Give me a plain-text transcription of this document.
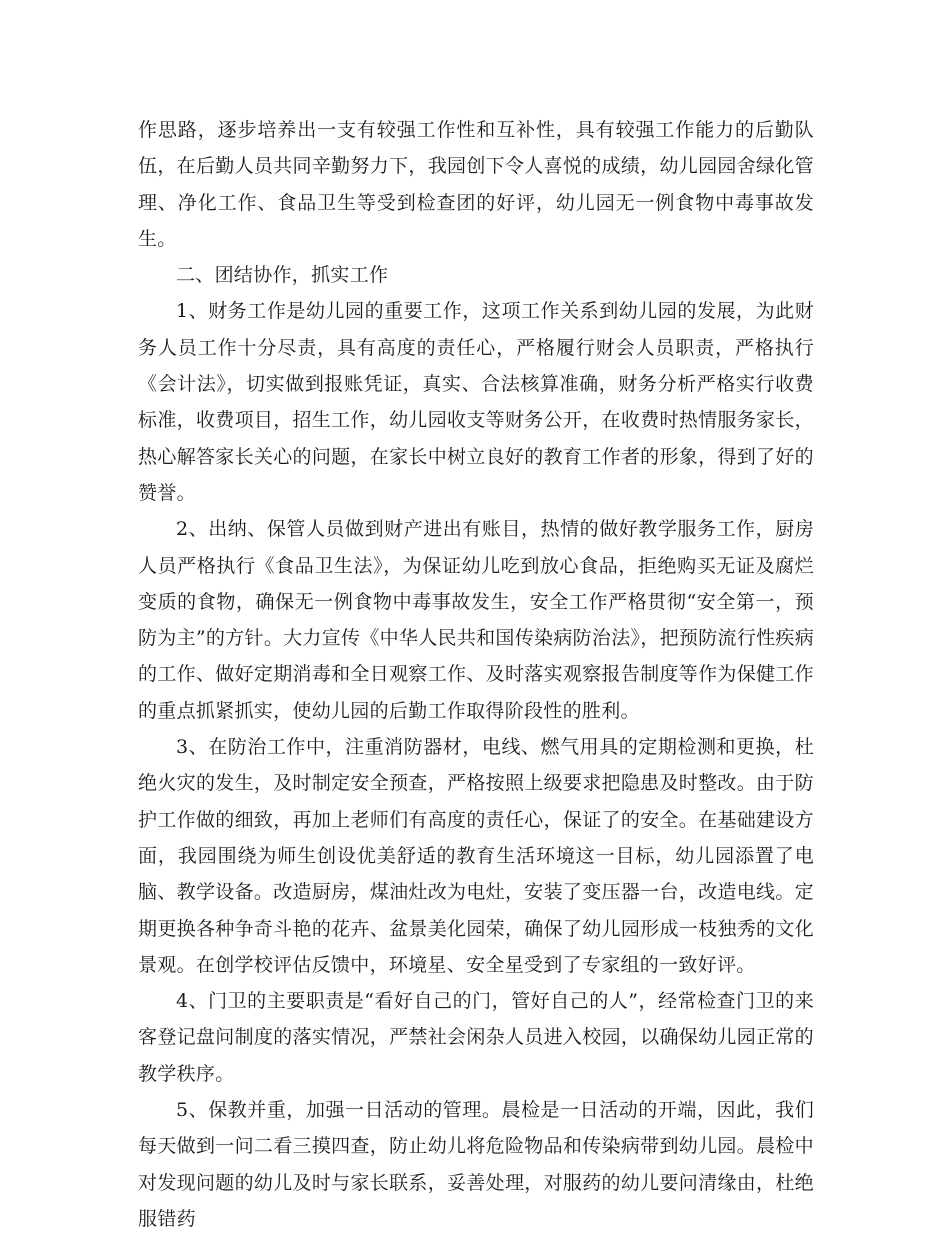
作思路，逐步培养出一支有较强工作性和互补性，具有较强工作能力的后勤队伍，在后勤人员共同辛勤努力下，我园创下令人喜悦的成绩，幼儿园园舍绿化管理、净化工作、食品卫生等受到检查团的好评，幼儿园无一例食物中毒事故发生。

二、团结协作，抓实工作

1、财务工作是幼儿园的重要工作，这项工作关系到幼儿园的发展，为此财务人员工作十分尽责，具有高度的责任心，严格履行财会人员职责，严格执行《会计法》，切实做到报账凭证，真实、合法核算准确，财务分析严格实行收费标准，收费项目，招生工作，幼儿园收支等财务公开，在收费时热情服务家长，热心解答家长关心的问题，在家长中树立良好的教育工作者的形象，得到了好的赞誉。

2、出纳、保管人员做到财产进出有账目，热情的做好教学服务工作，厨房人员严格执行《食品卫生法》，为保证幼儿吃到放心食品，拒绝购买无证及腐烂变质的食物，确保无一例食物中毒事故发生，安全工作严格贯彻“安全第一，预防为主”的方针。大力宣传《中华人民共和国传染病防治法》，把预防流行性疾病的工作、做好定期消毒和全日观察工作、及时落实观察报告制度等作为保健工作的重点抓紧抓实，使幼儿园的后勤工作取得阶段性的胜利。

3、在防治工作中，注重消防器材，电线、燃气用具的定期检测和更换，杜绝火灾的发生，及时制定安全预查，严格按照上级要求把隐患及时整改。由于防护工作做的细致，再加上老师们有高度的责任心，保证了的安全。在基础建设方面，我园围绕为师生创设优美舒适的教育生活环境这一目标，幼儿园添置了电脑、教学设备。改造厨房，煤油灶改为电灶，安装了变压器一台，改造电线。定期更换各种争奇斗艳的花卉、盆景美化园荣，确保了幼儿园形成一枝独秀的文化景观。在创学校评估反馈中，环境星、安全星受到了专家组的一致好评。

4、门卫的主要职责是“看好自己的门，管好自己的人”，经常检查门卫的来客登记盘问制度的落实情况，严禁社会闲杂人员进入校园，以确保幼儿园正常的教学秩序。

5、保教并重，加强一日活动的管理。晨检是一日活动的开端，因此，我们每天做到一问二看三摸四查，防止幼儿将危险物品和传染病带到幼儿园。晨检中对发现问题的幼儿及时与家长联系，妥善处理，对服药的幼儿要问清缘由，杜绝服错药
